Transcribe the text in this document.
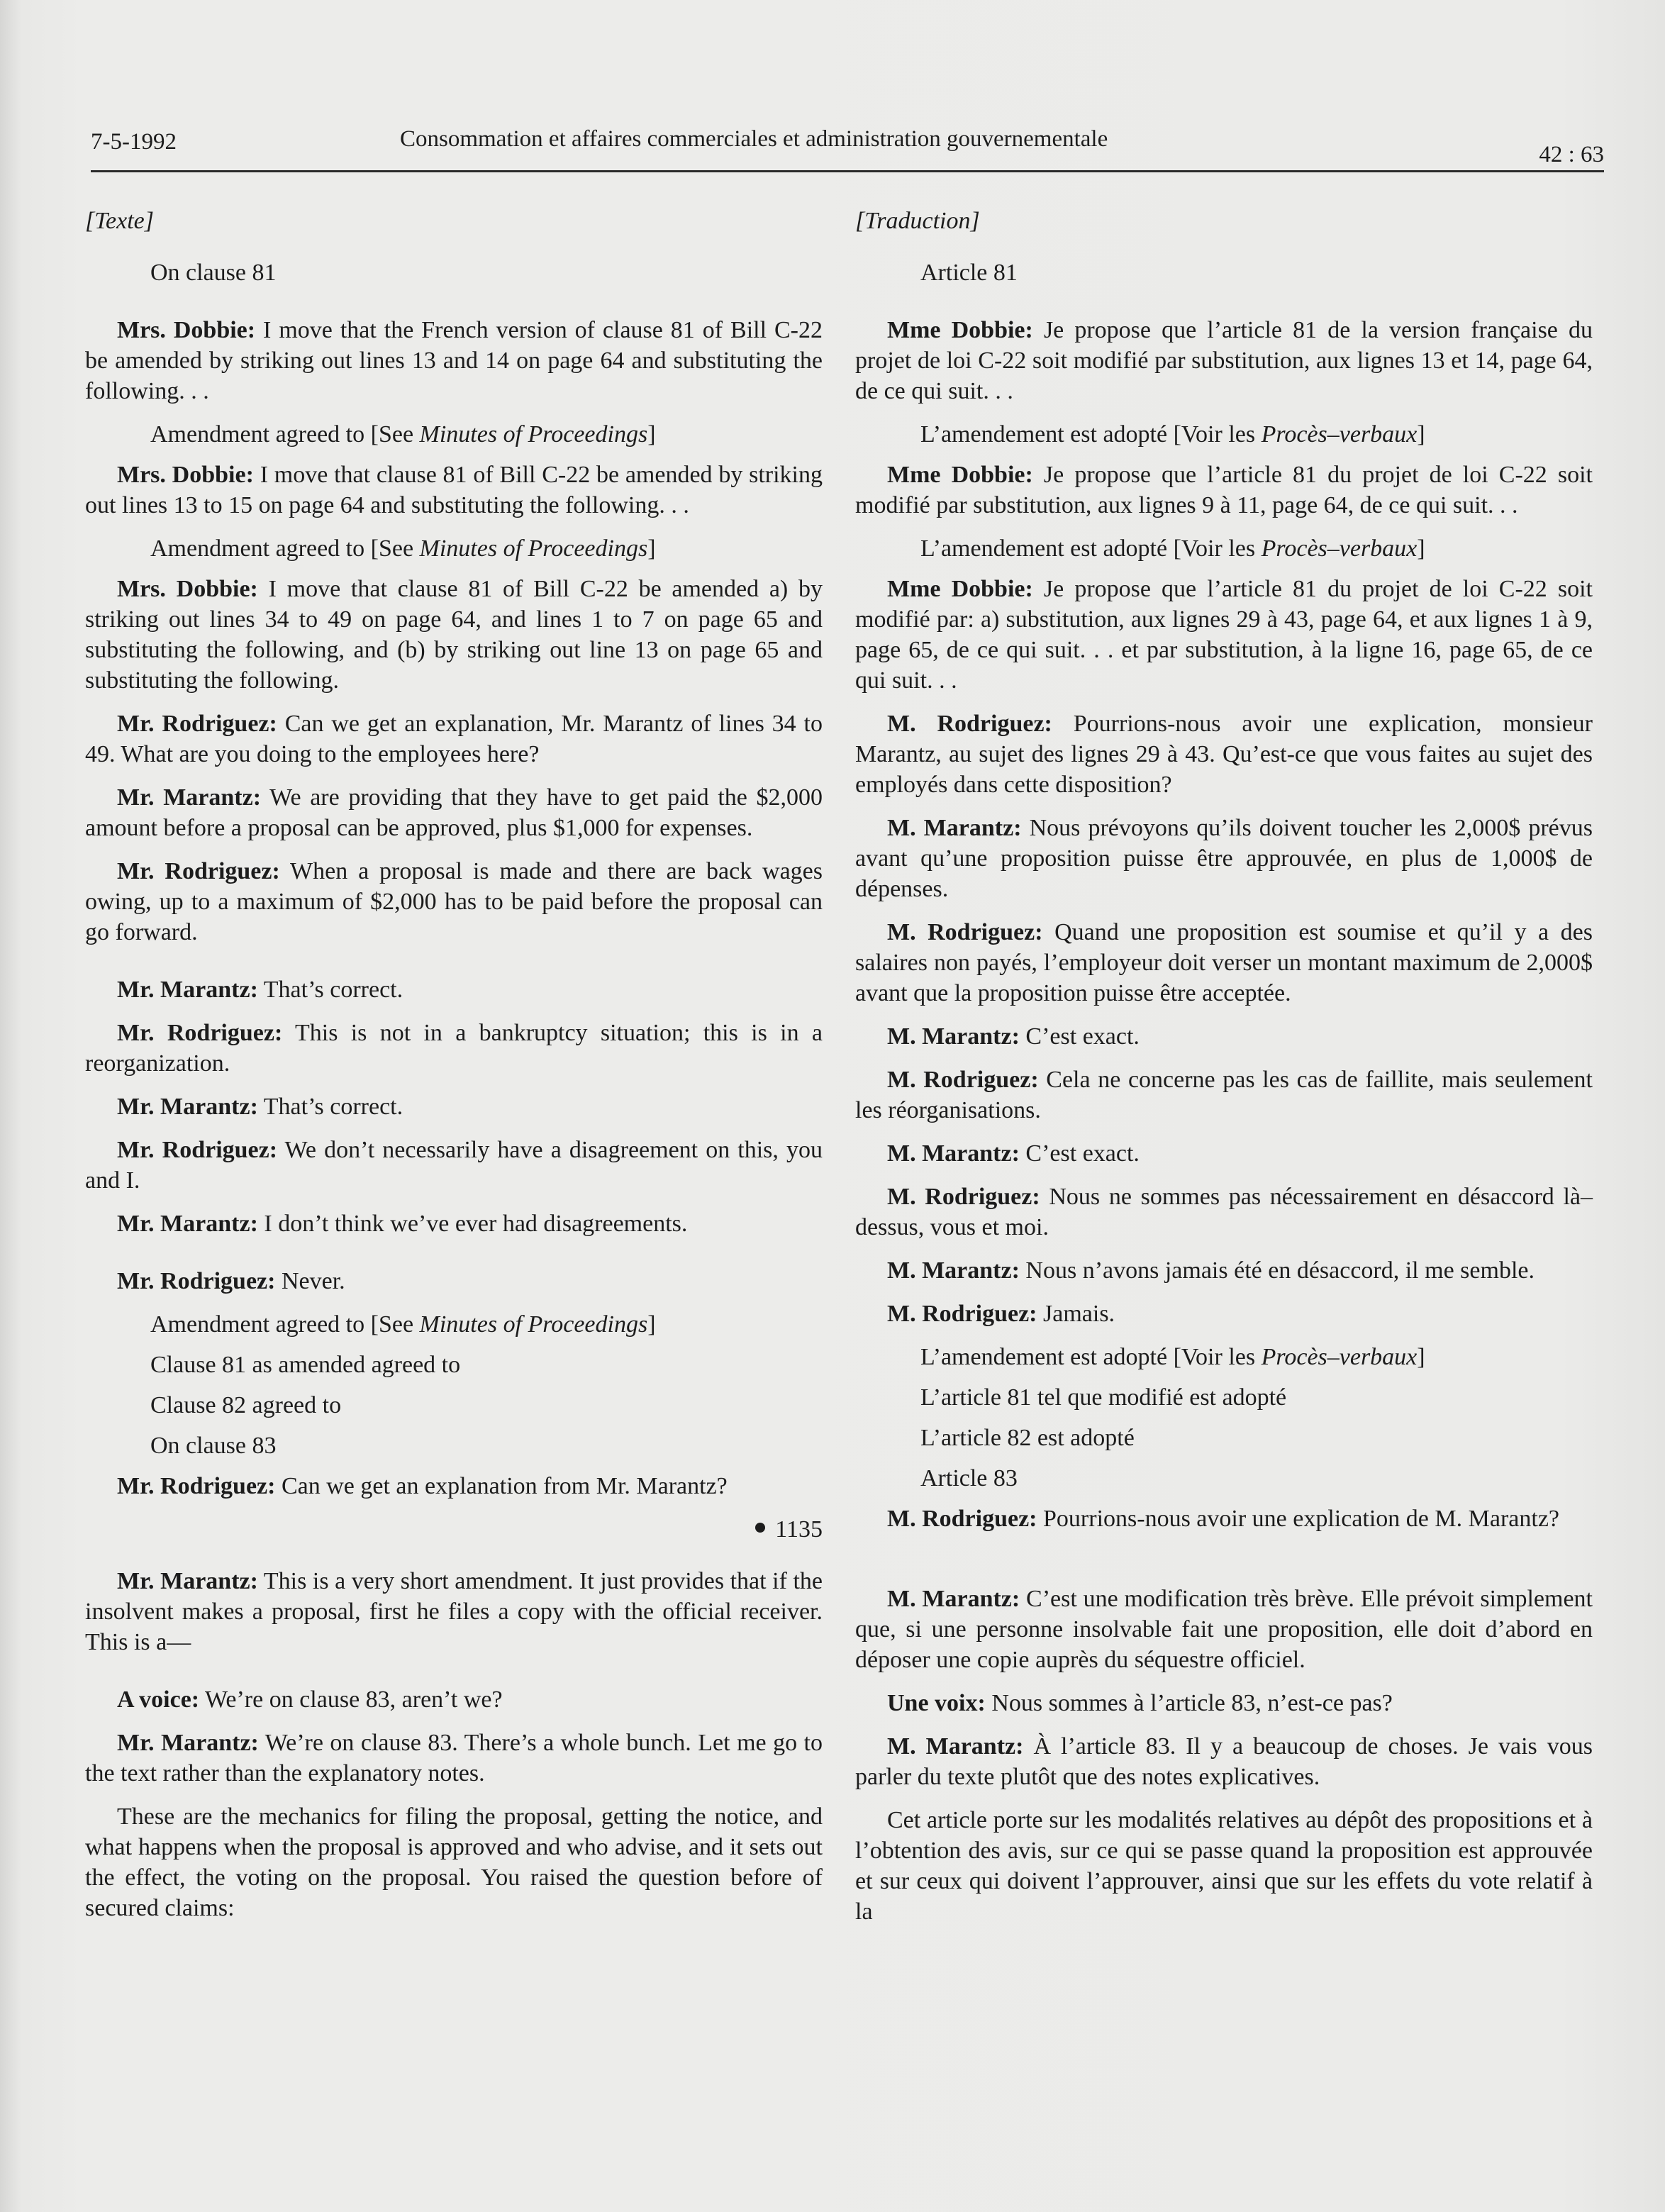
7-5-1992	Consommation et affaires commerciales et administration gouvernementale
42 : 63

[Texte]

On clause 81

Mrs. Dobbie: I move that the French version of clause 81 of Bill C-22 be amended by striking out lines 13 and 14 on page 64 and substituting the following. . .

Amendment agreed to [See Minutes of Proceedings]

Mrs. Dobbie: I move that clause 81 of Bill C-22 be amended by striking out lines 13 to 15 on page 64 and substituting the following. . .

Amendment agreed to [See Minutes of Proceedings]

Mrs. Dobbie: I move that clause 81 of Bill C-22 be amended a) by striking out lines 34 to 49 on page 64, and lines 1 to 7 on page 65 and substituting the following, and (b) by striking out line 13 on page 65 and substituting the following.

Mr. Rodriguez: Can we get an explanation, Mr. Marantz of lines 34 to 49. What are you doing to the employees here?

Mr. Marantz: We are providing that they have to get paid the $2,000 amount before a proposal can be approved, plus $1,000 for expenses.

Mr. Rodriguez: When a proposal is made and there are back wages owing, up to a maximum of $2,000 has to be paid before the proposal can go forward.

Mr. Marantz: That’s correct.

Mr. Rodriguez: This is not in a bankruptcy situation; this is in a reorganization.

Mr. Marantz: That’s correct.

Mr. Rodriguez: We don’t necessarily have a disagreement on this, you and I.

Mr. Marantz: I don’t think we’ve ever had disagreements.

Mr. Rodriguez: Never.

Amendment agreed to [See Minutes of Proceedings]

Clause 81 as amended agreed to

Clause 82 agreed to

On clause 83

Mr. Rodriguez: Can we get an explanation from Mr. Marantz?

1135

Mr. Marantz: This is a very short amendment. It just provides that if the insolvent makes a proposal, first he files a copy with the official receiver. This is a—

A voice: We’re on clause 83, aren’t we?

Mr. Marantz: We’re on clause 83. There’s a whole bunch. Let me go to the text rather than the explanatory notes.

These are the mechanics for filing the proposal, getting the notice, and what happens when the proposal is approved and who advise, and it sets out the effect, the voting on the proposal. You raised the question before of secured claims:

[Traduction]

Article 81

Mme Dobbie: Je propose que l’article 81 de la version française du projet de loi C-22 soit modifié par substitution, aux lignes 13 et 14, page 64, de ce qui suit. . .

L’amendement est adopté [Voir les Procès–verbaux]

Mme Dobbie: Je propose que l’article 81 du projet de loi C-22 soit modifié par substitution, aux lignes 9 à 11, page 64, de ce qui suit. . .

L’amendement est adopté [Voir les Procès–verbaux]

Mme Dobbie: Je propose que l’article 81 du projet de loi C-22 soit modifié par: a) substitution, aux lignes 29 à 43, page 64, et aux lignes 1 à 9, page 65, de ce qui suit. . . et par substitution, à la ligne 16, page 65, de ce qui suit. . .

M. Rodriguez: Pourrions-nous avoir une explication, monsieur Marantz, au sujet des lignes 29 à 43. Qu’est-ce que vous faites au sujet des employés dans cette disposition?

M. Marantz: Nous prévoyons qu’ils doivent toucher les 2,000$ prévus avant qu’une proposition puisse être approuvée, en plus de 1,000$ de dépenses.

M. Rodriguez: Quand une proposition est soumise et qu’il y a des salaires non payés, l’employeur doit verser un montant maximum de 2,000$ avant que la proposition puisse être acceptée.

M. Marantz: C’est exact.

M. Rodriguez: Cela ne concerne pas les cas de faillite, mais seulement les réorganisations.

M. Marantz: C’est exact.

M. Rodriguez: Nous ne sommes pas nécessairement en désaccord là–dessus, vous et moi.

M. Marantz: Nous n’avons jamais été en désaccord, il me semble.

M. Rodriguez: Jamais.

L’amendement est adopté [Voir les Procès–verbaux]

L’article 81 tel que modifié est adopté

L’article 82 est adopté

Article 83

M. Rodriguez: Pourrions-nous avoir une explication de M. Marantz?

M. Marantz: C’est une modification très brève. Elle prévoit simplement que, si une personne insolvable fait une proposition, elle doit d’abord en déposer une copie auprès du séquestre officiel.

Une voix: Nous sommes à l’article 83, n’est-ce pas?

M. Marantz: À l’article 83. Il y a beaucoup de choses. Je vais vous parler du texte plutôt que des notes explicatives.

Cet article porte sur les modalités relatives au dépôt des propositions et à l’obtention des avis, sur ce qui se passe quand la proposition est approuvée et sur ceux qui doivent l’approuver, ainsi que sur les effets du vote relatif à la
